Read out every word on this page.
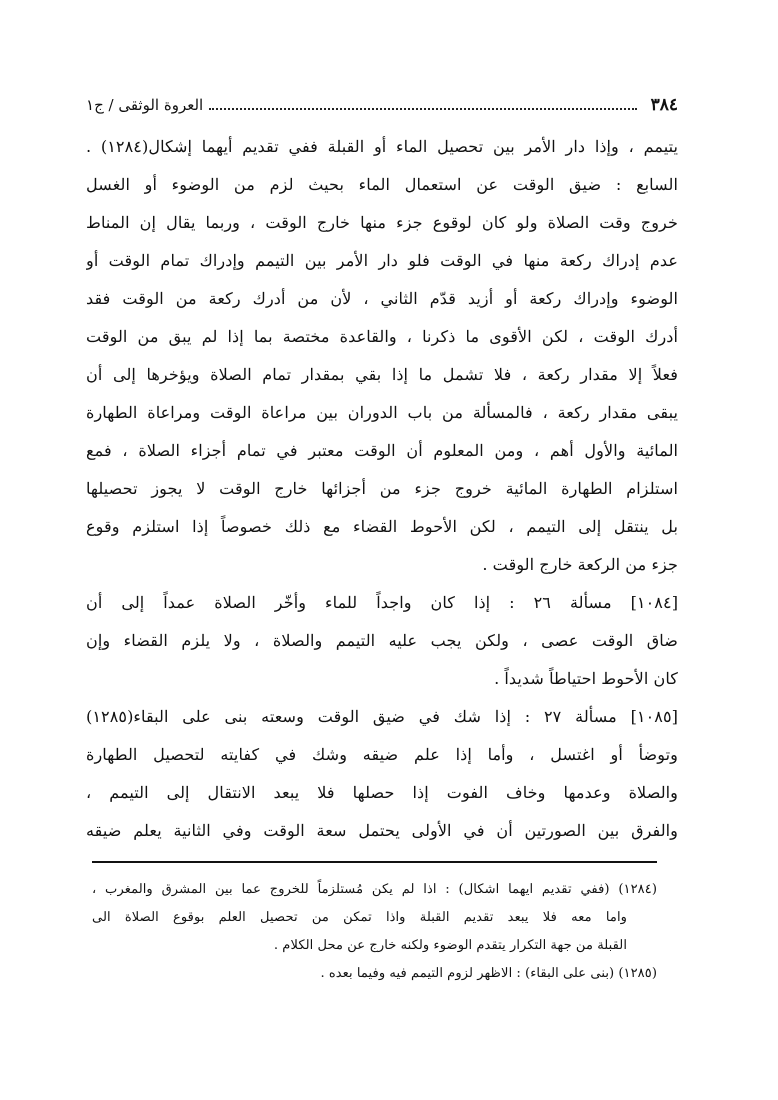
٣٨٤
العروة الوثقى / ج١
يتيمم ، وإذا دار الأمر بين تحصيل الماء أو القبلة ففي تقديم أيهما إشكال(١٢٨٤) .
السابع : ضيق الوقت عن استعمال الماء بحيث لزم من الوضوء أو الغسل
خروج وقت الصلاة ولو كان لوقوع جزء منها خارج الوقت ، وربما يقال إن المناط
عدم إدراك ركعة منها في الوقت فلو دار الأمر بين التيمم وإدراك تمام الوقت أو
الوضوء وإدراك ركعة أو أزيد قدّم الثاني ، لأن من أدرك ركعة من الوقت فقد
أدرك الوقت ، لكن الأقوى ما ذكرنا ، والقاعدة مختصة بما إذا لم يبق من الوقت
فعلاً إلا مقدار ركعة ، فلا تشمل ما إذا بقي بمقدار تمام الصلاة ويؤخرها إلى أن
يبقى مقدار ركعة ، فالمسألة من باب الدوران بين مراعاة الوقت ومراعاة الطهارة
المائية والأول أهم ، ومن المعلوم أن الوقت معتبر في تمام أجزاء الصلاة ، فمع
استلزام الطهارة المائية خروج جزء من أجزائها خارج الوقت لا يجوز تحصيلها
بل ينتقل إلى التيمم ، لكن الأحوط القضاء مع ذلك خصوصاً إذا استلزم وقوع
جزء من الركعة خارج الوقت .
[١٠٨٤] مسألة ٢٦ : إذا كان واجداً للماء وأخّر الصلاة عمداً إلى أن
ضاق الوقت عصى ، ولكن يجب عليه التيمم والصلاة ، ولا يلزم القضاء وإن
كان الأحوط احتياطاً شديداً .
[١٠٨٥] مسألة ٢٧ : إذا شك في ضيق الوقت وسعته بنى على البقاء(١٢٨٥)
وتوضأ أو اغتسل ، وأما إذا علم ضيقه وشك في كفايته لتحصيل الطهارة
والصلاة وعدمها وخاف الفوت إذا حصلها فلا يبعد الانتقال إلى التيمم ،
والفرق بين الصورتين أن في الأولى يحتمل سعة الوقت وفي الثانية يعلم ضيقه
(١٢٨٤) (ففي تقديم ايهما اشكال) : اذا لم يكن مُستلزماً للخروج عما بين المشرق والمغرب ،
واما معه فلا يبعد تقديم القبلة واذا تمكن من تحصيل العلم بوقوع الصلاة الى
القبلة من جهة التكرار يتقدم الوضوء ولكنه خارج عن محل الكلام .
(١٢٨٥) (بنى على البقاء) : الاظهر لزوم التيمم فيه وفيما بعده .
